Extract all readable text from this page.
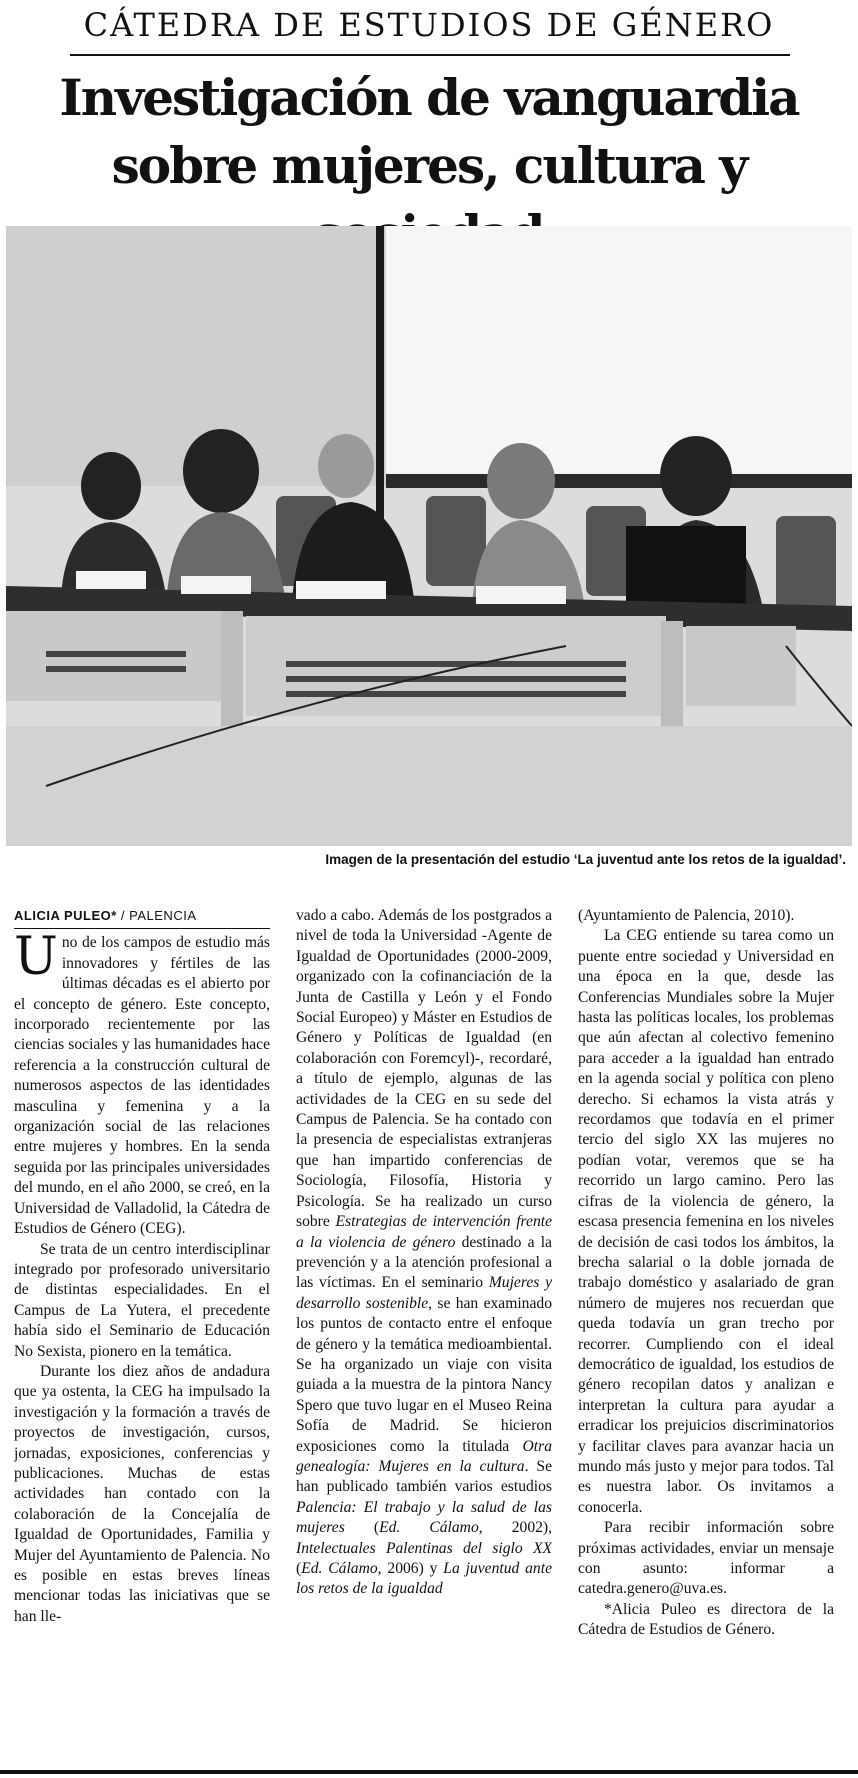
CÁTEDRA DE ESTUDIOS DE GÉNERO
Investigación de vanguardia
sobre mujeres, cultura y
Imagen de la presentación del estudio ‘La juventud ante los retos de la igualdad’.
ALICIA PULEO* / PALENCIA

Uno de los campos de estudio más innovadores y fértiles de las últimas décadas es el abierto por el concepto de género. Este concepto, incorporado recientemente por las ciencias sociales y las humanidades hace referencia a la construcción cultural de numerosos aspectos de las identidades masculina y femenina y a la organización social de las relaciones entre mujeres y hombres. En la senda seguida por las principales universidades del mundo, en el año 2000, se creó, en la Universidad de Valladolid, la Cátedra de Estudios de Género (CEG).

Se trata de un centro interdisciplinar integrado por profesorado universitario de distintas especialidades. En el Campus de La Yutera, el precedente había sido el Seminario de Educación No Sexista, pionero en la temática.

Durante los diez años de andadura que ya ostenta, la CEG ha impulsado la investigación y la formación a través de proyectos de investigación, cursos, jornadas, exposiciones, conferencias y publicaciones. Muchas de estas actividades han contado con la colaboración de la Concejalía de Igualdad de Oportunidades, Familia y Mujer del Ayuntamiento de Palencia. No es posible en estas breves líneas mencionar todas las iniciativas que se han lle-

vado a cabo. Además de los postgrados a nivel de toda la Universidad -Agente de Igualdad de Oportunidades (2000-2009, organizado con la cofinanciación de la Junta de Castilla y León y el Fondo Social Europeo) y Máster en Estudios de Género y Políticas de Igualdad (en colaboración con Foremcyl)-, recordaré, a título de ejemplo, algunas de las actividades de la CEG en su sede del Campus de Palencia. Se ha contado con la presencia de especialistas extranjeras que han impartido conferencias de Sociología, Filosofía, Historia y Psicología. Se ha realizado un curso sobre Estrategias de intervención frente a la violencia de género destinado a la prevención y a la atención profesional a las víctimas. En el seminario Mujeres y desarrollo sostenible, se han examinado los puntos de contacto entre el enfoque de género y la temática medioambiental. Se ha organizado un viaje con visita guiada a la muestra de la pintora Nancy Spero que tuvo lugar en el Museo Reina Sofía de Madrid. Se hicieron exposiciones como la titulada Otra genealogía: Mujeres en la cultura. Se han publicado también varios estudios Palencia: El trabajo y la salud de las mujeres (Ed. Cálamo, 2002), Intelectuales Palentinas del siglo XX (Ed. Cálamo, 2006) y La juventud ante los retos de la igualdad

(Ayuntamiento de Palencia, 2010).

La CEG entiende su tarea como un puente entre sociedad y Universidad en una época en la que, desde las Conferencias Mundiales sobre la Mujer hasta las políticas locales, los problemas que aún afectan al colectivo femenino para acceder a la igualdad han entrado en la agenda social y política con pleno derecho. Si echamos la vista atrás y recordamos que todavía en el primer tercio del siglo XX las mujeres no podían votar, veremos que se ha recorrido un largo camino. Pero las cifras de la violencia de género, la escasa presencia femenina en los niveles de decisión de casi todos los ámbitos, la brecha salarial o la doble jornada de trabajo doméstico y asalariado de gran número de mujeres nos recuerdan que queda todavía un gran trecho por recorrer. Cumpliendo con el ideal democrático de igualdad, los estudios de género recopilan datos y analizan e interpretan la cultura para ayudar a erradicar los prejuicios discriminatorios y facilitar claves para avanzar hacia un mundo más justo y mejor para todos. Tal es nuestra labor. Os invitamos a conocerla.

Para recibir información sobre próximas actividades, enviar un mensaje con asunto: informar a catedra.genero@uva.es.

*Alicia Puleo es directora de la Cátedra de Estudios de Género.
